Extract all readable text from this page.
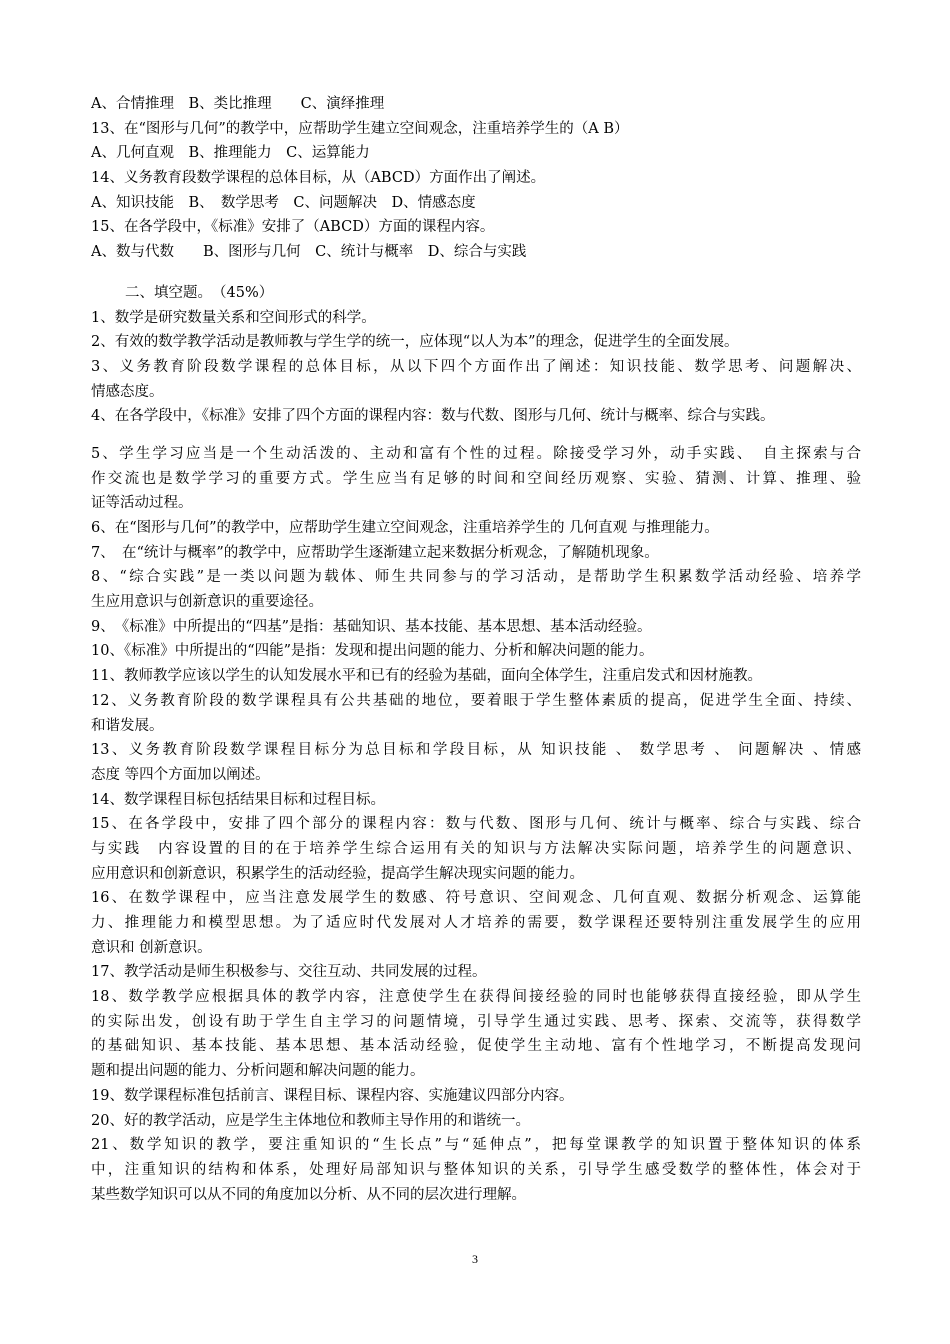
A、合情推理　B、类比推理　　C、演绎推理
13、在“图形与几何”的教学中，应帮助学生建立空间观念，注重培养学生的（A B）
A、几何直观　B、推理能力　C、运算能力
14、义务教育段数学课程的总体目标，从（ABCD）方面作出了阐述。
A、知识技能　B、　数学思考　C、问题解决　D、情感态度
15、在各学段中，《标准》安排了（ABCD）方面的课程内容。
A、数与代数　　B、图形与几何　C、统计与概率　D、综合与实践
二、填空题。　（45%）
1、数学是研究数量关系和空间形式的科学。
2、有效的数学教学活动是教师教与学生学的统一，应体现“以人为本”的理念，促进学生的全面发展。
3、义务教育阶段数学课程的总体目标，从以下四个方面作出了阐述：知识技能、数学思考、问题解决、
情感态度。
4、在各学段中，《标准》安排了四个方面的课程内容：数与代数、图形与几何、统计与概率、综合与实践。
5、学生学习应当是一个生动活泼的、主动和富有个性的过程。除接受学习外，动手实践、　自主探索与合
作交流也是数学学习的重要方式。学生应当有足够的时间和空间经历观察、实验、猜测、计算、推理、验
证等活动过程。
6、在“图形与几何”的教学中，应帮助学生建立空间观念，注重培养学生的 几何直观 与推理能力。
7、　在“统计与概率”的教学中，应帮助学生逐渐建立起来数据分析观念，了解随机现象。
8、“综合实践”是一类以问题为载体、师生共同参与的学习活动，是帮助学生积累数学活动经验、培养学
生应用意识与创新意识的重要途径。
9、　《标准》中所提出的“四基”是指：基础知识、基本技能、基本思想、基本活动经验。
10、《标准》中所提出的“四能”是指：发现和提出问题的能力、分析和解决问题的能力。
11、教师教学应该以学生的认知发展水平和已有的经验为基础，面向全体学生，注重启发式和因材施教。
12、义务教育阶段的数学课程具有公共基础的地位，要着眼于学生整体素质的提高，促进学生全面、持续、
和谐发展。
13、义务教育阶段数学课程目标分为总目标和学段目标，从 知识技能 、 数学思考 、 问题解决 、情感
态度 等四个方面加以阐述。
14、数学课程目标包括结果目标和过程目标。
15、在各学段中，安排了四个部分的课程内容：数与代数、图形与几何、统计与概率、综合与实践、综合
与实践　内容设置的目的在于培养学生综合运用有关的知识与方法解决实际问题，培养学生的问题意识、
应用意识和创新意识，积累学生的活动经验，提高学生解决现实问题的能力。
16、在数学课程中，应当注意发展学生的数感、符号意识、空间观念、几何直观、数据分析观念、运算能
力、推理能力和模型思想。为了适应时代发展对人才培养的需要，数学课程还要特别注重发展学生的应用
意识和 创新意识。
17、教学活动是师生积极参与、交往互动、共同发展的过程。
18、数学教学应根据具体的教学内容，注意使学生在获得间接经验的同时也能够获得直接经验，即从学生
的实际出发，创设有助于学生自主学习的问题情境，引导学生通过实践、思考、探索、交流等，获得数学
的基础知识、基本技能、基本思想、基本活动经验，促使学生主动地、富有个性地学习，不断提高发现问
题和提出问题的能力、分析问题和解决问题的能力。
19、数学课程标准包括前言、课程目标、课程内容、实施建议四部分内容。
20、好的教学活动，应是学生主体地位和教师主导作用的和谐统一。
21、数学知识的教学，要注重知识的“生长点”与“延伸点”，把每堂课教学的知识置于整体知识的体系
中，注重知识的结构和体系，处理好局部知识与整体知识的关系，引导学生感受数学的整体性，体会对于
某些数学知识可以从不同的角度加以分析、从不同的层次进行理解。
3
